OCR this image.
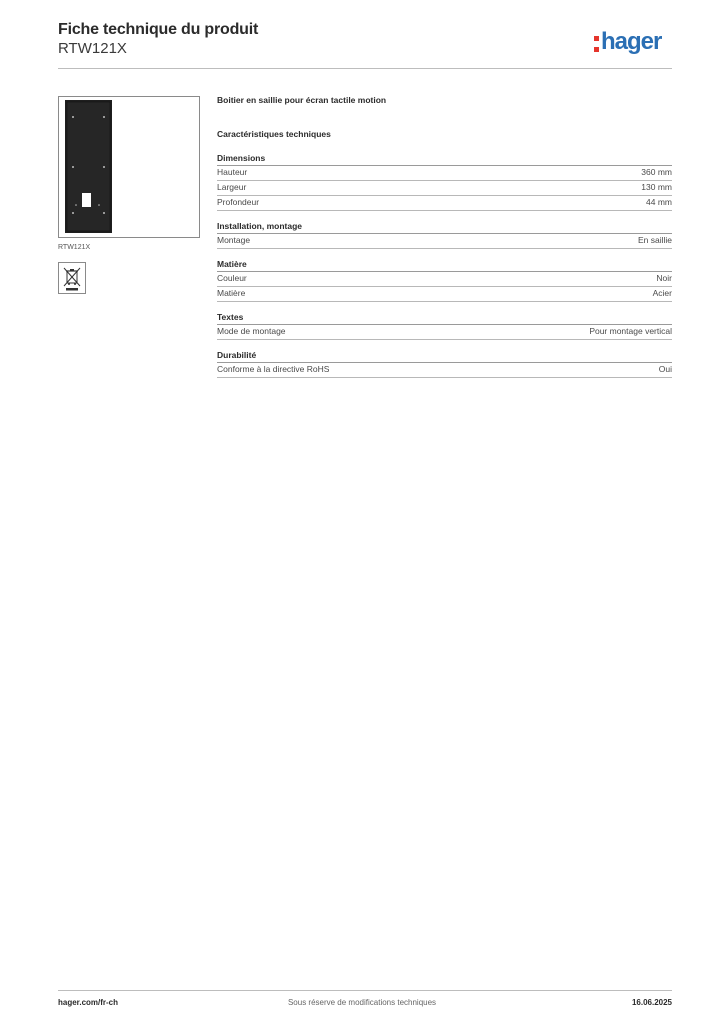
Fiche technique du produit
RTW121X	hager
RTW121X
Boitier en saillie pour écran tactile motion
Caractéristiques techniques
Dimensions
Hauteur	360 mm
Largeur	130 mm
Profondeur	44 mm
Installation, montage
Montage	En saillie
Matière
Couleur	Noir
Matière	Acier
Textes
Mode de montage	Pour montage vertical
Durabilité
Conforme à la directive RoHS	Oui
hager.com/fr-ch	Sous réserve de modifications techniques	16.06.2025
